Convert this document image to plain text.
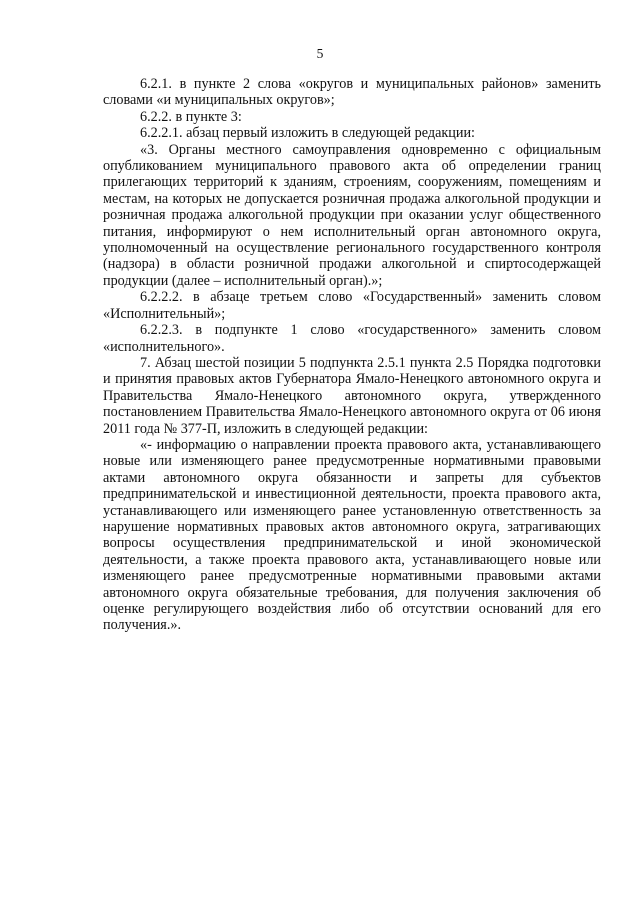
5

6.2.1. в пункте 2 слова «округов и муниципальных районов» заменить словами «и муниципальных округов»;

6.2.2. в пункте 3:

6.2.2.1. абзац первый изложить в следующей редакции:

«3. Органы местного самоуправления одновременно с официальным опубликованием муниципального правового акта об определении границ прилегающих территорий к зданиям, строениям, сооружениям, помещениям и местам, на которых не допускается розничная продажа алкогольной продукции и розничная продажа алкогольной продукции при оказании услуг общественного питания, информируют о нем исполнительный орган автономного округа, уполномоченный на осуществление регионального государственного контроля (надзора) в области розничной продажи алкогольной и спиртосодержащей продукции (далее – исполнительный орган).»;

6.2.2.2. в абзаце третьем слово «Государственный» заменить словом «Исполнительный»;

6.2.2.3. в подпункте 1 слово «государственного» заменить словом «исполнительного».

7. Абзац шестой позиции 5 подпункта 2.5.1 пункта 2.5 Порядка подготовки и принятия правовых актов Губернатора Ямало-Ненецкого автономного округа и Правительства Ямало-Ненецкого автономного округа, утвержденного постановлением Правительства Ямало-Ненецкого автономного округа от 06 июня 2011 года № 377-П, изложить в следующей редакции:

«- информацию о направлении проекта правового акта, устанавливающего новые или изменяющего ранее предусмотренные нормативными правовыми актами автономного округа обязанности и запреты для субъектов предпринимательской и инвестиционной деятельности, проекта правового акта, устанавливающего или изменяющего ранее установленную ответственность за нарушение нормативных правовых актов автономного округа, затрагивающих вопросы осуществления предпринимательской и иной экономической деятельности, а также проекта правового акта, устанавливающего новые или изменяющего ранее предусмотренные нормативными правовыми актами автономного округа обязательные требования, для получения заключения об оценке регулирующего воздействия либо об отсутствии оснований для его получения.».
